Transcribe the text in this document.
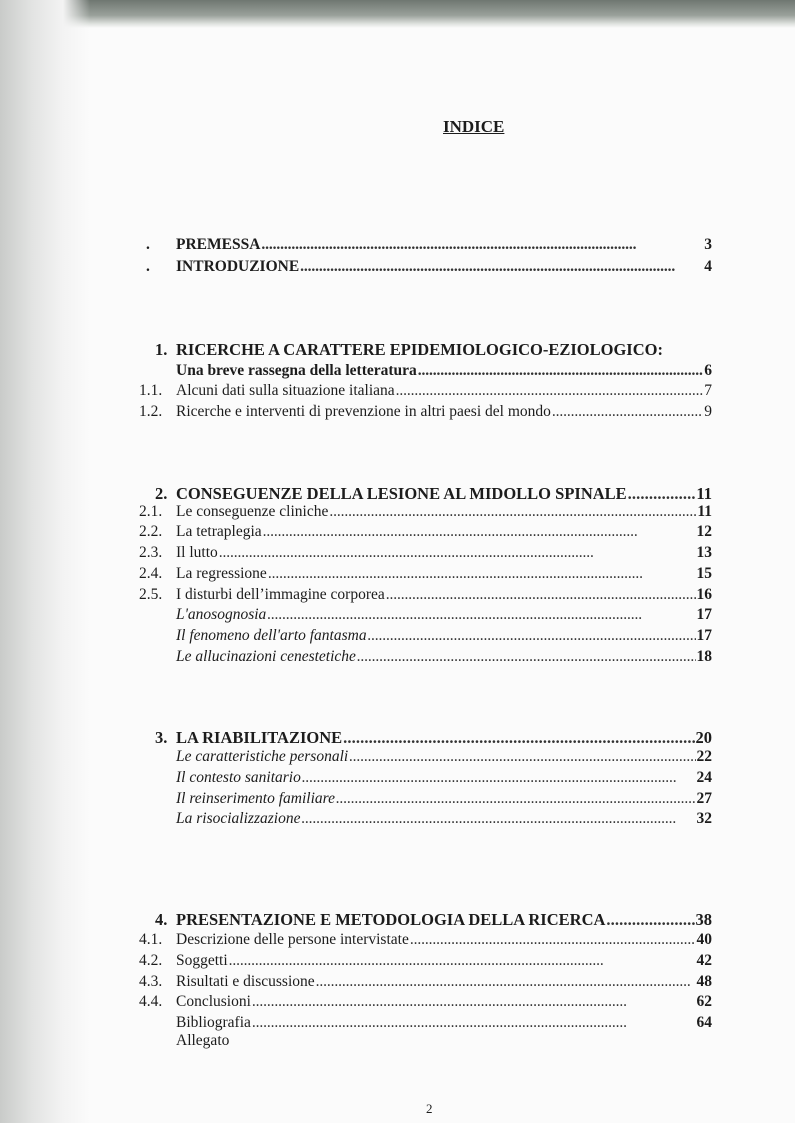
INDICE
. PREMESSA . . .	3
. INTRODUZIONE . . .	4
1. RICERCHE A CARATTERE EPIDEMIOLOGICO-EZIOLOGICO:
Una breve rassegna della letteratura . . .	6
1.1. Alcuni dati sulla situazione italiana . . .	7
1.2. Ricerche e interventi di prevenzione in altri paesi del mondo . . .	9
2. CONSEGUENZE DELLA LESIONE AL MIDOLLO SPINALE . . .	11
2.1. Le conseguenze cliniche . . .	11
2.2. La tetraplegia . . .	12
2.3. Il lutto . . .	13
2.4. La regressione . . .	15
2.5. I disturbi dell’immagine corporea . . .	16
L'anosognosia . . .	17
Il fenomeno dell'arto fantasma . . .	17
Le allucinazioni cenestetiche . . .	18
3. LA RIABILITAZIONE . . .	20
Le caratteristiche personali . . .	22
Il contesto sanitario . . .	24
Il reinserimento familiare . . .	27
La risocializzazione . . .	32
4. PRESENTAZIONE E METODOLOGIA DELLA RICERCA . . .	38
4.1. Descrizione delle persone intervistate . . .	40
4.2. Soggetti . . .	42
4.3. Risultati e discussione . . .	48
4.4. Conclusioni . . .	62
Bibliografia . . .	64
Allegato
2
